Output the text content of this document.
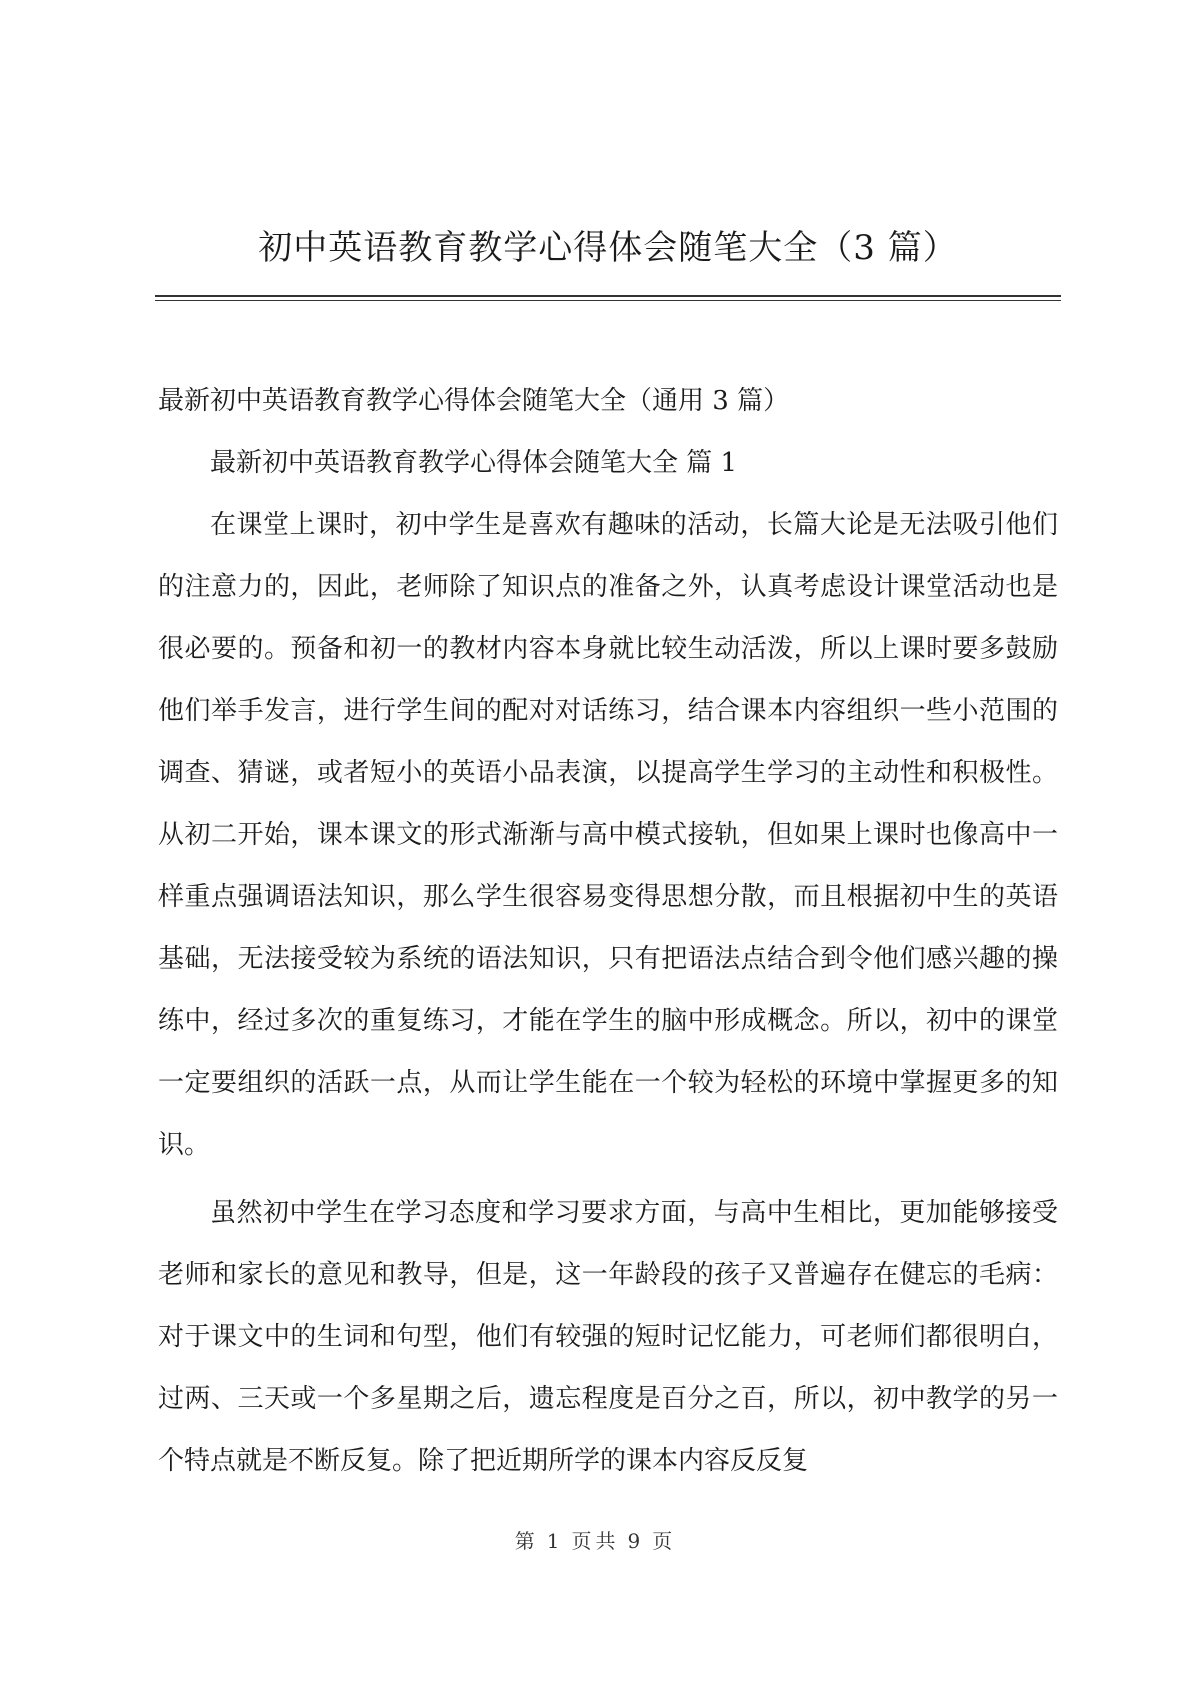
初中英语教育教学心得体会随笔大全（3 篇）

最新初中英语教育教学心得体会随笔大全（通用 3 篇）

最新初中英语教育教学心得体会随笔大全 篇 1

在课堂上课时，初中学生是喜欢有趣味的活动，长篇大论是无法吸引他们的注意力的，因此，老师除了知识点的准备之外，认真考虑设计课堂活动也是很必要的。预备和初一的教材内容本身就比较生动活泼，所以上课时要多鼓励他们举手发言，进行学生间的配对对话练习，结合课本内容组织一些小范围的调查、猜谜，或者短小的英语小品表演，以提高学生学习的主动性和积极性。从初二开始，课本课文的形式渐渐与高中模式接轨，但如果上课时也像高中一样重点强调语法知识，那么学生很容易变得思想分散，而且根据初中生的英语基础，无法接受较为系统的语法知识，只有把语法点结合到令他们感兴趣的操练中，经过多次的重复练习，才能在学生的脑中形成概念。所以，初中的课堂一定要组织的活跃一点，从而让学生能在一个较为轻松的环境中掌握更多的知识。

虽然初中学生在学习态度和学习要求方面，与高中生相比，更加能够接受老师和家长的意见和教导，但是，这一年龄段的孩子又普遍存在健忘的毛病：对于课文中的生词和句型，他们有较强的短时记忆能力，可老师们都很明白，过两、三天或一个多星期之后，遗忘程度是百分之百，所以，初中教学的另一个特点就是不断反复。除了把近期所学的课本内容反反复

第 1 页共 9 页
